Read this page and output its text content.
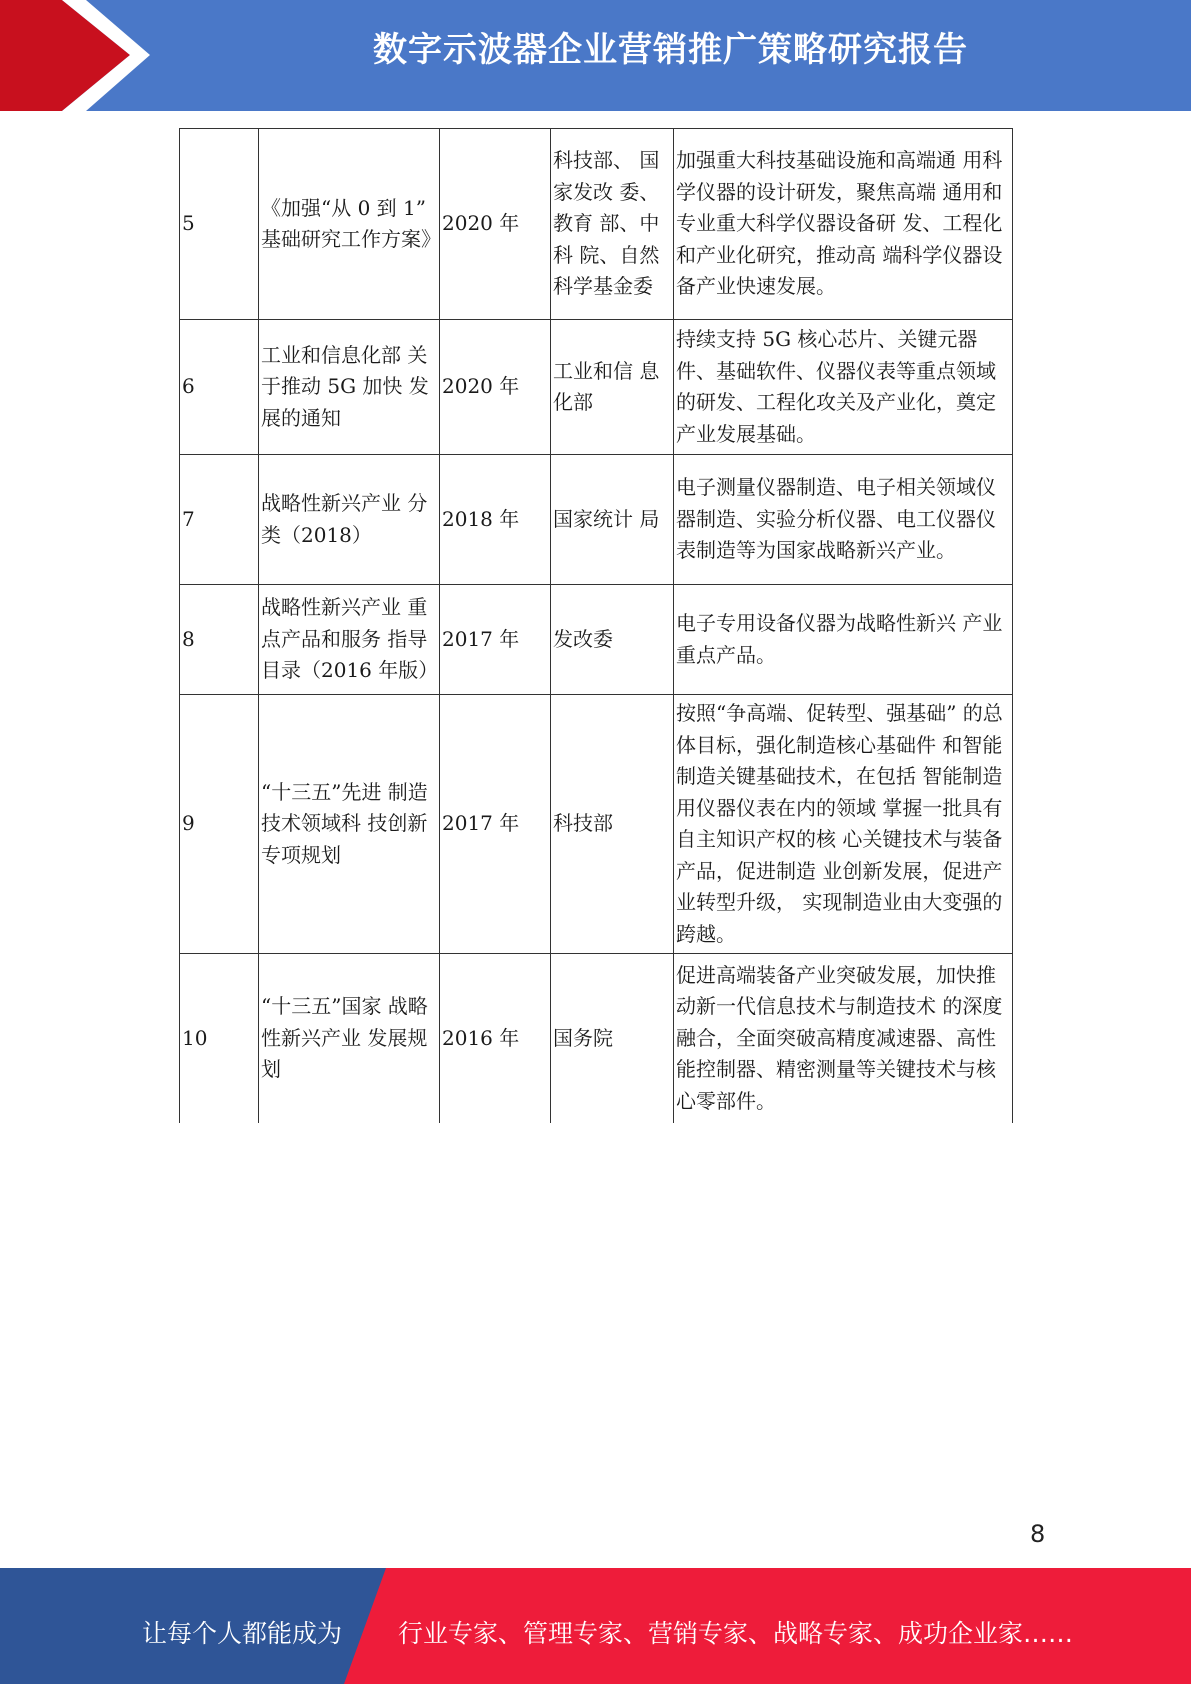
数字示波器企业营销推广策略研究报告
5	《加强“从 0 到 1” 基础研究工作方案》	2020 年	科技部、 国家发改 委、教育 部、中科 院、自然科学基金委	加强重大科技基础设施和高端通 用科学仪器的设计研发，聚焦高端 通用和专业重大科学仪器设备研 发、工程化和产业化研究，推动高 端科学仪器设备产业快速发展。
6	工业和信息化部 关于推动 5G 加快 发展的通知	2020 年	工业和信 息化部	持续支持 5G 核心芯片、关键元器件、基础软件、仪器仪表等重点领域的研发、工程化攻关及产业化，奠定产业发展基础。
7	战略性新兴产业 分类（2018）	2018 年	国家统计 局	电子测量仪器制造、电子相关领域仪器制造、实验分析仪器、电工仪器仪表制造等为国家战略新兴产业。
8	战略性新兴产业 重点产品和服务 指导目录（2016 年版）	2017 年	发改委	电子专用设备仪器为战略性新兴 产业重点产品。
9	“十三五”先进 制造技术领域科 技创新专项规划	2017 年	科技部	按照“争高端、促转型、强基础” 的总体目标，强化制造核心基础件 和智能制造关键基础技术，在包括 智能制造用仪器仪表在内的领域 掌握一批具有自主知识产权的核 心关键技术与装备产品，促进制造 业创新发展，促进产业转型升级， 实现制造业由大变强的跨越。
10	“十三五”国家 战略性新兴产业 发展规划	2016 年	国务院	促进高端装备产业突破发展，加快推动新一代信息技术与制造技术 的深度融合，全面突破高精度减速器、高性能控制器、精密测量等关键技术与核心零部件。
8
让每个人都能成为 行业专家、管理专家、营销专家、战略专家、成功企业家……
